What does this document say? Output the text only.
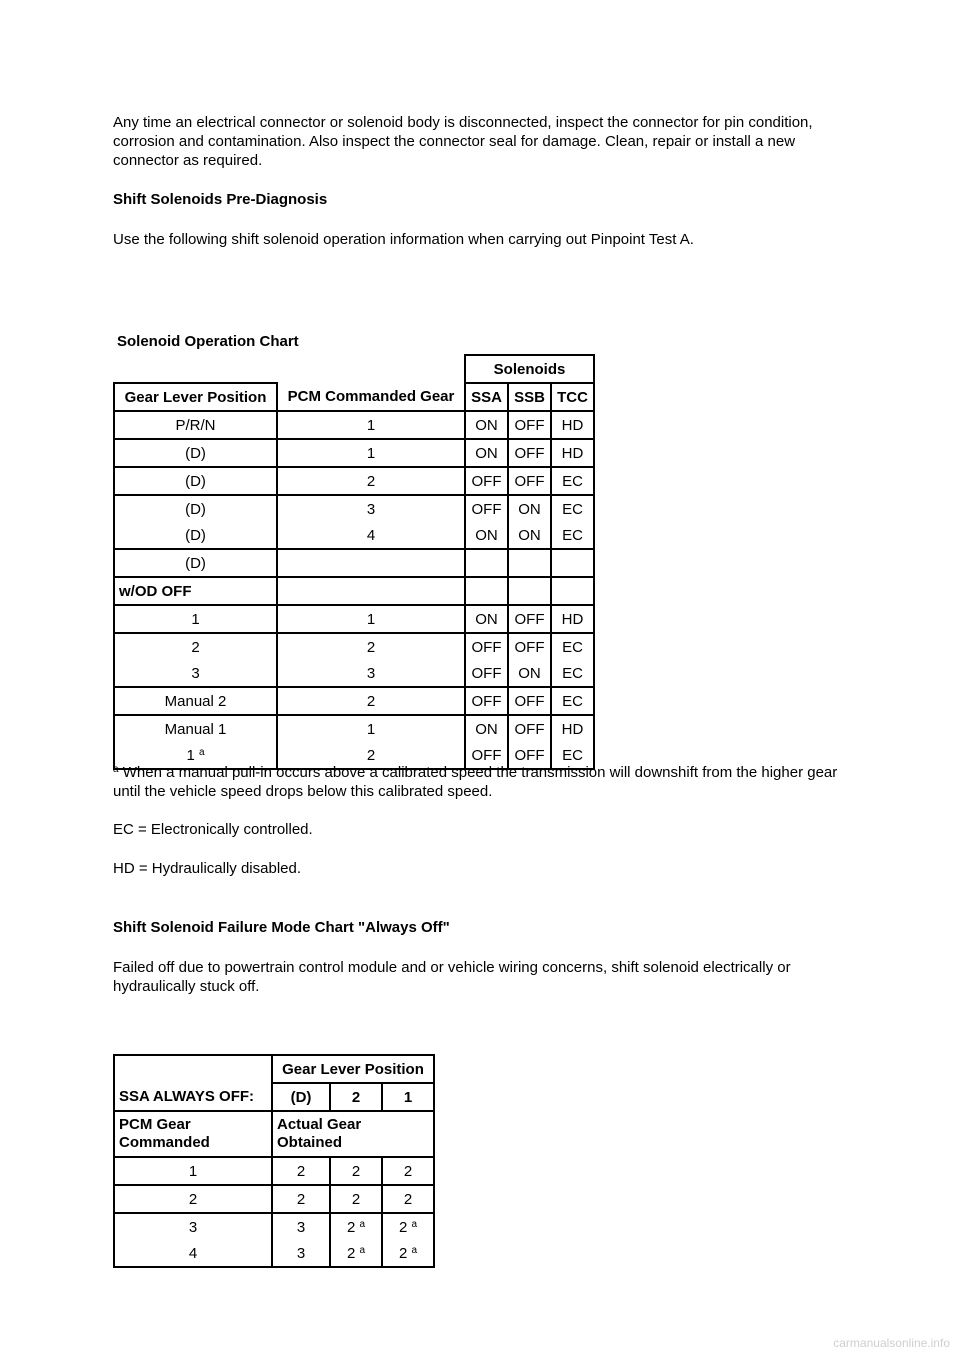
Any time an electrical connector or solenoid body is disconnected, inspect the connector for pin condition, corrosion and contamination. Also inspect the connector seal for damage. Clean, repair or install a new connector as required.

Shift Solenoids Pre-Diagnosis

Use the following shift solenoid operation information when carrying out Pinpoint Test A.

Solenoid Operation Chart
		Solenoids		
Gear Lever Position	PCM Commanded Gear	SSA	SSB	TCC
P/R/N	1	ON	OFF	HD
(D)	1	ON	OFF	HD
(D)	2	OFF	OFF	EC
(D)	3	OFF	ON	EC
(D)	4	ON	ON	EC
(D)				
w/OD OFF				
1	1	ON	OFF	HD
2	2	OFF	OFF	EC
3	3	OFF	ON	EC
Manual 2	2	OFF	OFF	EC
Manual 1	1	ON	OFF	HD
1 $^a$	2	OFF	OFF	EC

$^a$ When a manual pull-in occurs above a calibrated speed the transmission will downshift from the higher gear until the vehicle speed drops below this calibrated speed.

EC = Electronically controlled.

HD = Hydraulically disabled.

Shift Solenoid Failure Mode Chart "Always Off"

Failed off due to powertrain control module and or vehicle wiring concerns, shift solenoid electrically or hydraulically stuck off.

	Gear Lever Position		
SSA ALWAYS OFF:	(D)	2	1
PCM Gear Commanded	Actual Gear Obtained		
1	2	2	2
2	2	2	2
3	3	2 $^a$	2 $^a$
4	3	2 $^a$	2 $^a$
carmanualsonline.info
